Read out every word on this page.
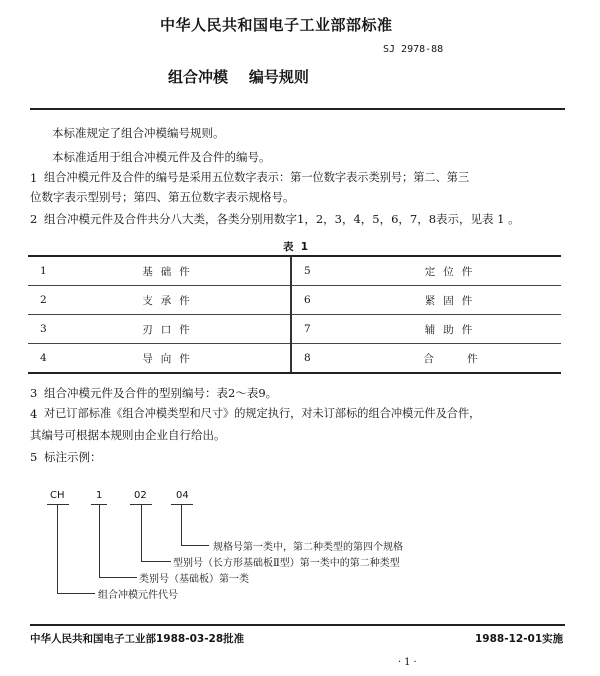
中华人民共和国电子工业部部标准
SJ 2978-88
组合冲模    编号规则
本标准规定了组合冲模编号规则。
本标准适用于组合冲模元件及合件的编号。
1 组合冲模元件及合件的编号是采用五位数字表示：第一位数字表示类别号；第二、第三
位数字表示型别号；第四、第五位数字表示规格号。
2 组合冲模元件及合件共分八大类，各类分别用数字1，2，3，4，5，6，7，8表示，见表 1 。
表  1
1	基础件		5	定位件
2	支承件		6	紧固件
3	刃口件		7	辅助件
4	导向件		8	合    件
3 组合冲模元件及合件的型别编号：表2～表9。
4 对已订部标准《组合冲模类型和尺寸》的规定执行，对未订部标的组合冲模元件及合件，
其编号可根据本规则由企业自行给出。
5 标注示例：
CH	1	02	04
规格号第一类中，第二种类型的第四个规格
型别号（长方形基础板Ⅱ型）第一类中的第二种类型
类别号（基础板）第一类
组合冲模元件代号
中华人民共和国电子工业部1988-03-28批准	1988-12-01实施
·1·
